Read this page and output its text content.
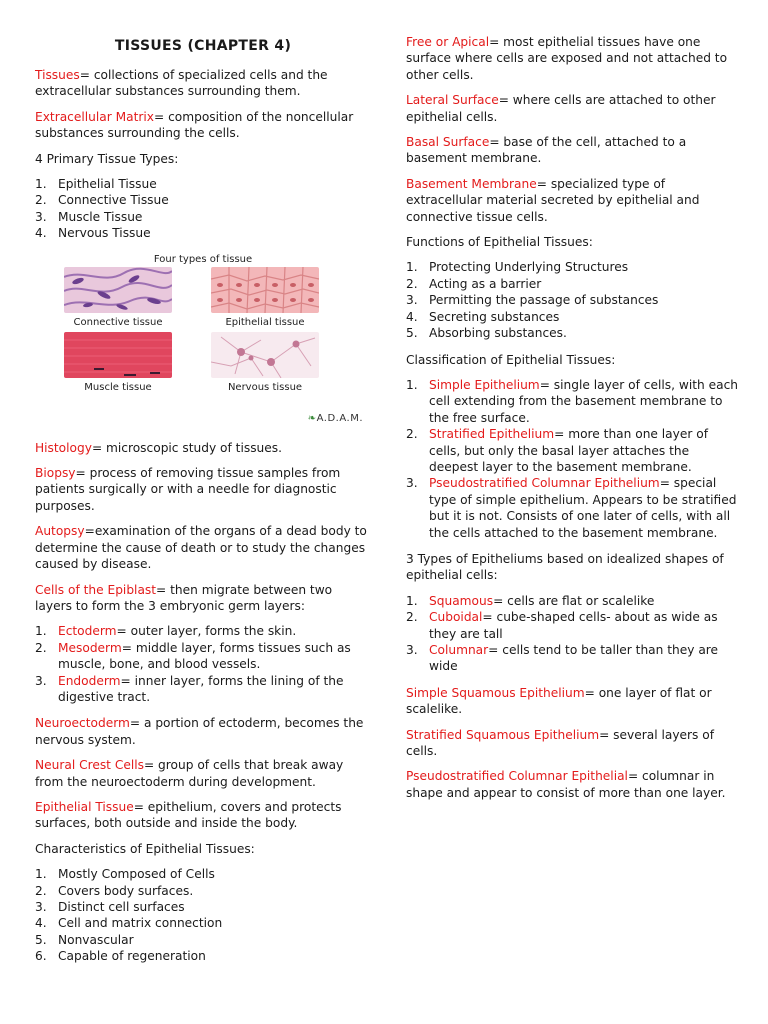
TISSUES (CHAPTER 4)

Tissues= collections of specialized cells and the extracellular substances surrounding them.

Extracellular Matrix= composition of the noncellular substances surrounding the cells.

4 Primary Tissue Types:

1. Epithelial Tissue
2. Connective Tissue
3. Muscle Tissue
4. Nervous Tissue
Four types of tissue
Connective tissue	Epithelial tissue
Muscle tissue	Nervous tissue
❧A.D.A.M.

Histology= microscopic study of tissues.

Biopsy= process of removing tissue samples from patients surgically or with a needle for diagnostic purposes.

Autopsy=examination of the organs of a dead body to determine the cause of death or to study the changes caused by disease.

Cells of the Epiblast= then migrate between two layers to form the 3 embryonic germ layers:

1. Ectoderm= outer layer, forms the skin.
2. Mesoderm= middle layer, forms tissues such as muscle, bone, and blood vessels.
3. Endoderm= inner layer, forms the lining of the digestive tract.

Neuroectoderm= a portion of ectoderm, becomes the nervous system.

Neural Crest Cells= group of cells that break away from the neuroectoderm during development.

Epithelial Tissue= epithelium, covers and protects surfaces, both outside and inside the body.

Characteristics of Epithelial Tissues:

1. Mostly Composed of Cells
2. Covers body surfaces.
3. Distinct cell surfaces
4. Cell and matrix connection
5. Nonvascular
6. Capable of regeneration

Free or Apical= most epithelial tissues have one surface where cells are exposed and not attached to other cells.

Lateral Surface= where cells are attached to other epithelial cells.

Basal Surface= base of the cell, attached to a basement membrane.

Basement Membrane= specialized type of extracellular material secreted by epithelial and connective tissue cells.

Functions of Epithelial Tissues:

1. Protecting Underlying Structures
2. Acting as a barrier
3. Permitting the passage of substances
4. Secreting substances
5. Absorbing substances.

Classification of Epithelial Tissues:

1. Simple Epithelium= single layer of cells, with each cell extending from the basement membrane to the free surface.
2. Stratified Epithelium= more than one layer of cells, but only the basal layer attaches the deepest layer to the basement membrane.
3. Pseudostratified Columnar Epithelium= special type of simple epithelium. Appears to be stratified but it is not. Consists of one later of cells, with all the cells attached to the basement membrane.

3 Types of Epitheliums based on idealized shapes of epithelial cells:

1. Squamous= cells are flat or scalelike
2. Cuboidal= cube-shaped cells- about as wide as they are tall
3. Columnar= cells tend to be taller than they are wide

Simple Squamous Epithelium= one layer of flat or scalelike.

Stratified Squamous Epithelium= several layers of cells.

Pseudostratified Columnar Epithelial= columnar in shape and appear to consist of more than one layer.
